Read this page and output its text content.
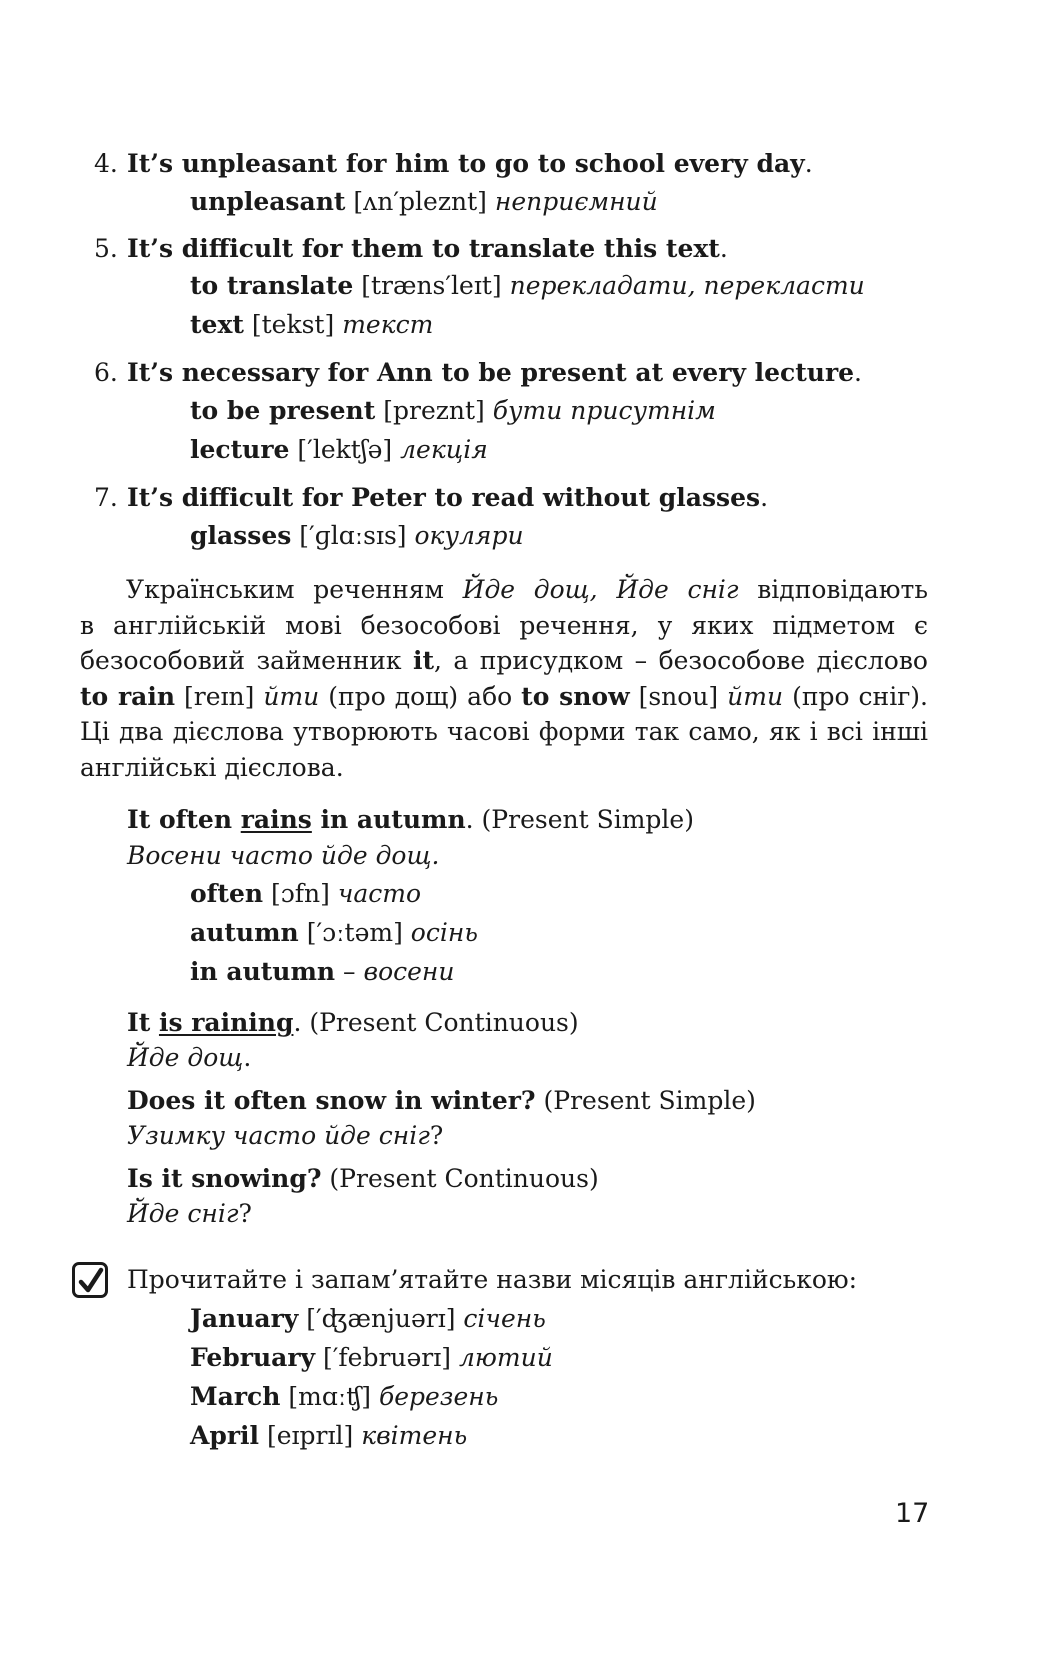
4. It’s unpleasant for him to go to school every day.
unpleasant [ʌn′pleznt] неприємний
5. It’s difficult for them to translate this text.
to translate [træns′leɪt] перекладати, перекласти
text [tekst] текст
6. It’s necessary for Ann to be present at every lecture.
to be present [preznt] бути присутнім
lecture [′lektʃə] лекція
7. It’s difficult for Peter to read without glasses.
glasses [′ɡlɑːsɪs] окуляри
Українським реченням Йде дощ, Йде сніг відповідають
в англійській мові безособові речення, у яких підметом є
безособовий займенник it, а присудком – безособове дієслово
to rain [reɪn] йти (про дощ) або to snow [snou] йти (про сніг).
Ці два дієслова утворюють часові форми так само, як і всі інші
англійські дієслова.
It often rains in autumn. (Present Simple)
Восени часто йде дощ.
often [ɔfn] часто
autumn [′ɔːtəm] осінь
in autumn – восени
It is raining. (Present Continuous)
Йде дощ.
Does it often snow in winter? (Present Simple)
Узимку часто йде сніг?
Is it snowing? (Present Continuous)
Йде сніг?
Прочитайте і запам’ятайте назви місяців англійською:
January [′ʤænjuərɪ] січень
February [′februərɪ] лютий
March [mɑːʧ] березень
April [eɪprɪl] квітень
17
